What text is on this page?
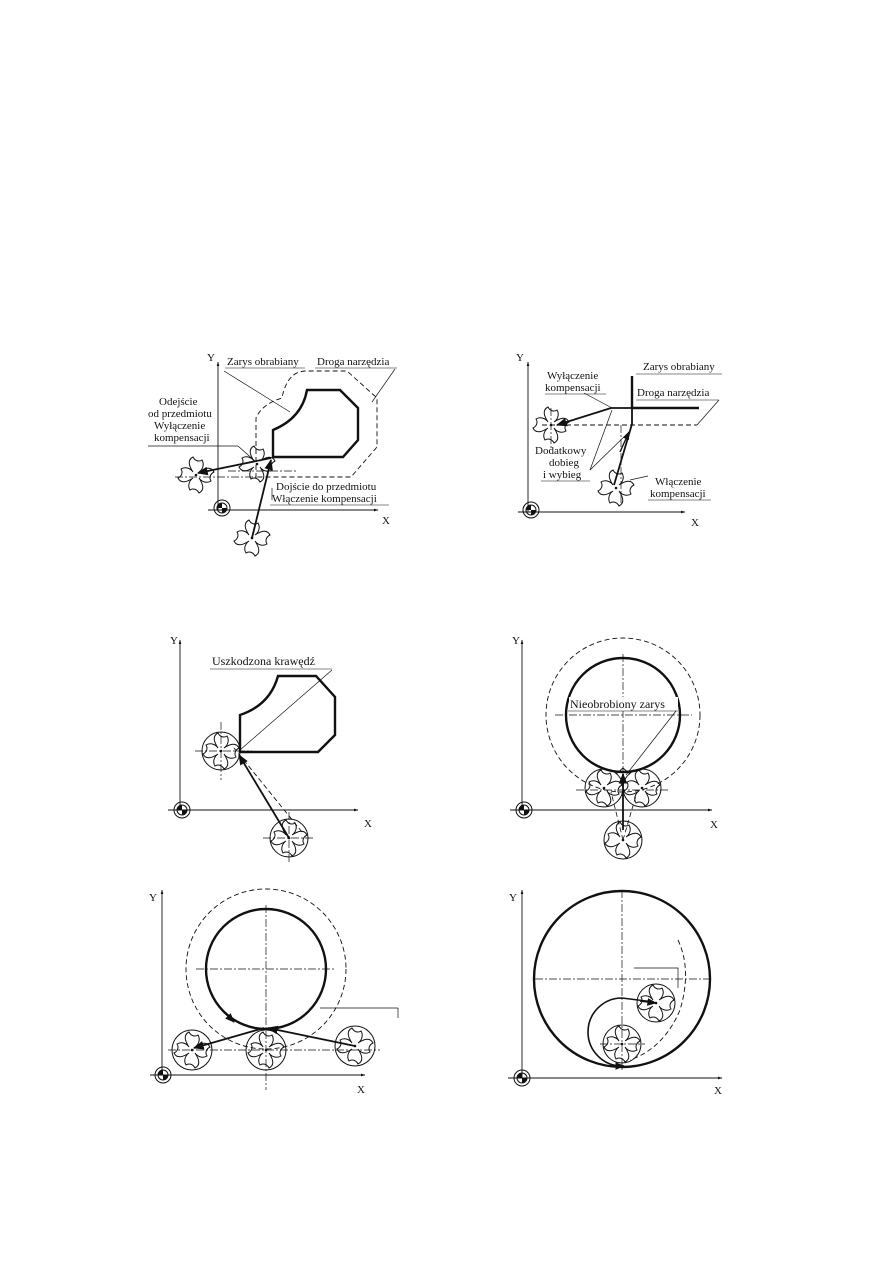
Y
X
Zarys obrabiany Droga narzędzia
Odejście
od przedmiotu
Wyłączenie
kompensacji
Dojście do przedmiotu
Włączenie kompensacji
Y
X
Wyłączenie
kompensacji
Zarys obrabiany
Droga narzędzia
Dodatkowy
dobieg
i wybieg
Włączenie
kompensacji
Y
X
Uszkodzona krawędź
Y
X
Nieobrobiony zarys
Y
X
Y
X
